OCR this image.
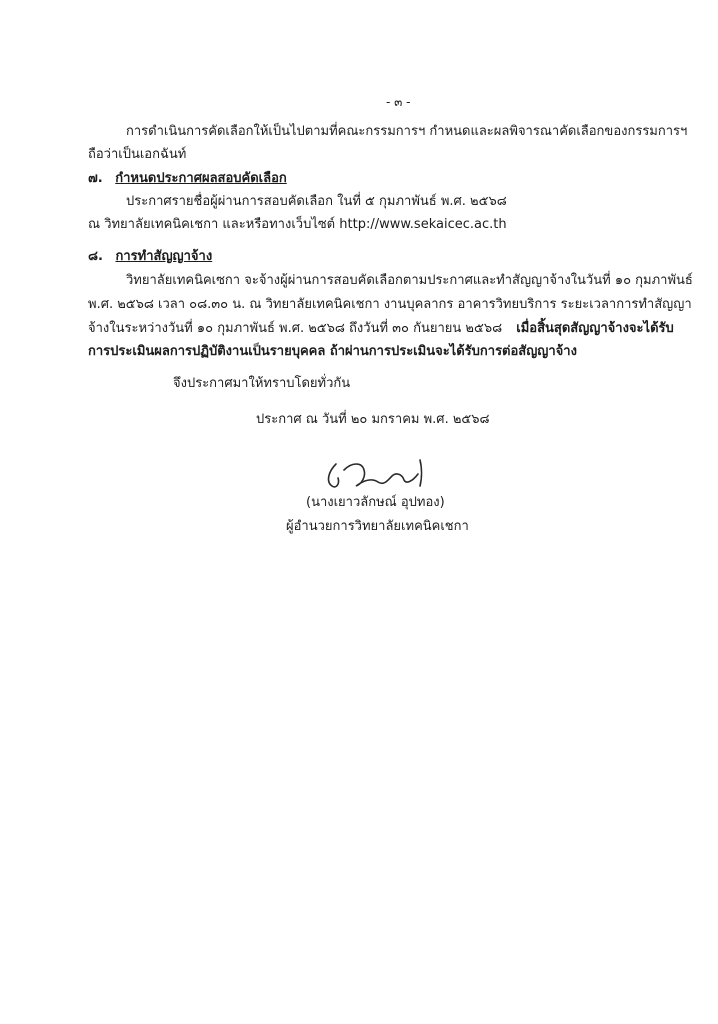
- ๓ -
การดำเนินการคัดเลือกให้เป็นไปตามที่คณะกรรมการฯ กำหนดและผลพิจารณาคัดเลือกของกรรมการฯ
ถือว่าเป็นเอกฉันท์
๗. กำหนดประกาศผลสอบคัดเลือก
ประกาศรายชื่อผู้ผ่านการสอบคัดเลือก ในที่ ๕ กุมภาพันธ์ พ.ศ. ๒๕๖๘
ณ วิทยาลัยเทคนิคเชกา และหรือทางเว็บไซต์ http://www.sekaicec.ac.th
๘. การทำสัญญาจ้าง
วิทยาลัยเทคนิคเซกา จะจ้างผู้ผ่านการสอบคัดเลือกตามประกาศและทำสัญญาจ้างในวันที่ ๑๐ กุมภาพันธ์
พ.ศ. ๒๕๖๘ เวลา ๐๘.๓๐ น. ณ วิทยาลัยเทคนิคเชกา งานบุคลากร อาคารวิทยบริการ ระยะเวลาการทำสัญญา
จ้างในระหว่างวันที่ ๑๐ กุมภาพันธ์ พ.ศ. ๒๕๖๘ ถึงวันที่ ๓๐ กันยายน ๒๕๖๘ เมื่อสิ้นสุดสัญญาจ้างจะได้รับ
การประเมินผลการปฏิบัติงานเป็นรายบุคคล ถ้าผ่านการประเมินจะได้รับการต่อสัญญาจ้าง
จึงประกาศมาให้ทราบโดยทั่วกัน
ประกาศ ณ วันที่ ๒๐ มกราคม พ.ศ. ๒๕๖๘
(นางเยาวลักษณ์ อุปทอง)
ผู้อำนวยการวิทยาลัยเทคนิคเชกา
